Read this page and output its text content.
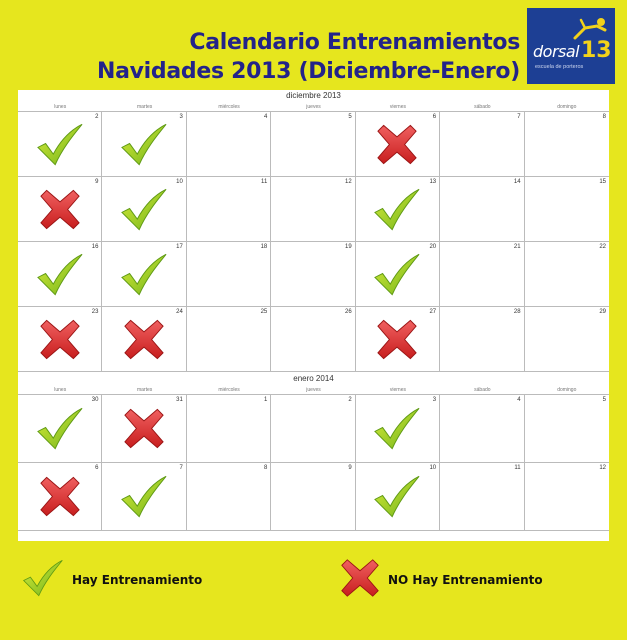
Calendario Entrenamientos
Navidades 2013 (Diciembre-Enero)
dorsal 13
escuela de porteros
diciembre 2013
lunes	martes	miércoles	jueves	viernes	sábado	domingo
2	3	4	5	6	7	8
9	10	11	12	13	14	15
16	17	18	19	20	21	22
23	24	25	26	27	28	29
enero 2014
lunes	martes	miércoles	jueves	viernes	sábado	domingo
30	31	1	2	3	4	5
6	7	8	9	10	11	12
Hay Entrenamiento	NO Hay Entrenamiento
